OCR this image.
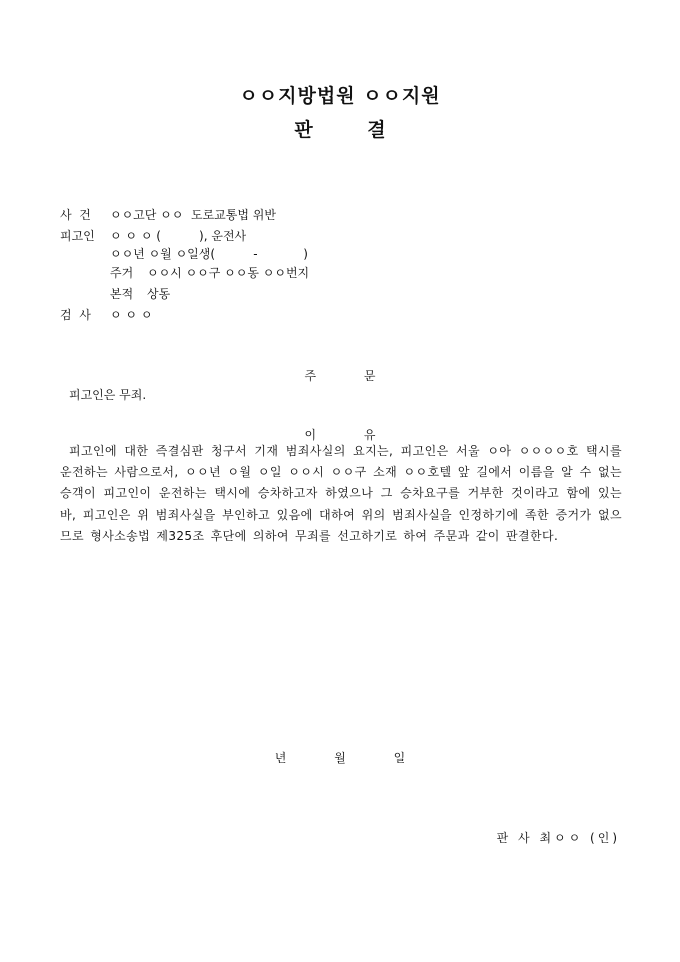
ㅇㅇ지방법원 ㅇㅇ지원
판 결
사  건 ㅇㅇ고단 ㅇㅇ  도로교통법 위반
피고인 ㅇ ㅇ ㅇ (          ), 운전사
ㅇㅇ년 ㅇ월 ㅇ일생(          -            )
주거 ㅇㅇ시 ㅇㅇ구 ㅇㅇ동 ㅇㅇ번지
본적 상동
검  사 ㅇ ㅇ ㅇ
주 문
피고인은 무죄.
이 유
피고인에 대한 즉결심판 청구서 기재 범죄사실의 요지는, 피고인은 서울 ㅇ아 ㅇㅇㅇㅇ호 택시를 운전하는 사람으로서, ㅇㅇ년 ㅇ월 ㅇ일 ㅇㅇ시 ㅇㅇ구 소재 ㅇㅇ호텔 앞 길에서 이름을 알 수 없는 승객이 피고인이 운전하는 택시에 승차하고자 하였으나 그 승차요구를 거부한 것이라고 함에 있는 바, 피고인은 위 범죄사실을 부인하고 있음에 대하여 위의 범죄사실을 인정하기에 족한 증거가 없으므로 형사소송법 제325조 후단에 의하여 무죄를 선고하기로 하여 주문과 같이 판결한다.
년 월 일
판 사 최ㅇㅇ (인)
